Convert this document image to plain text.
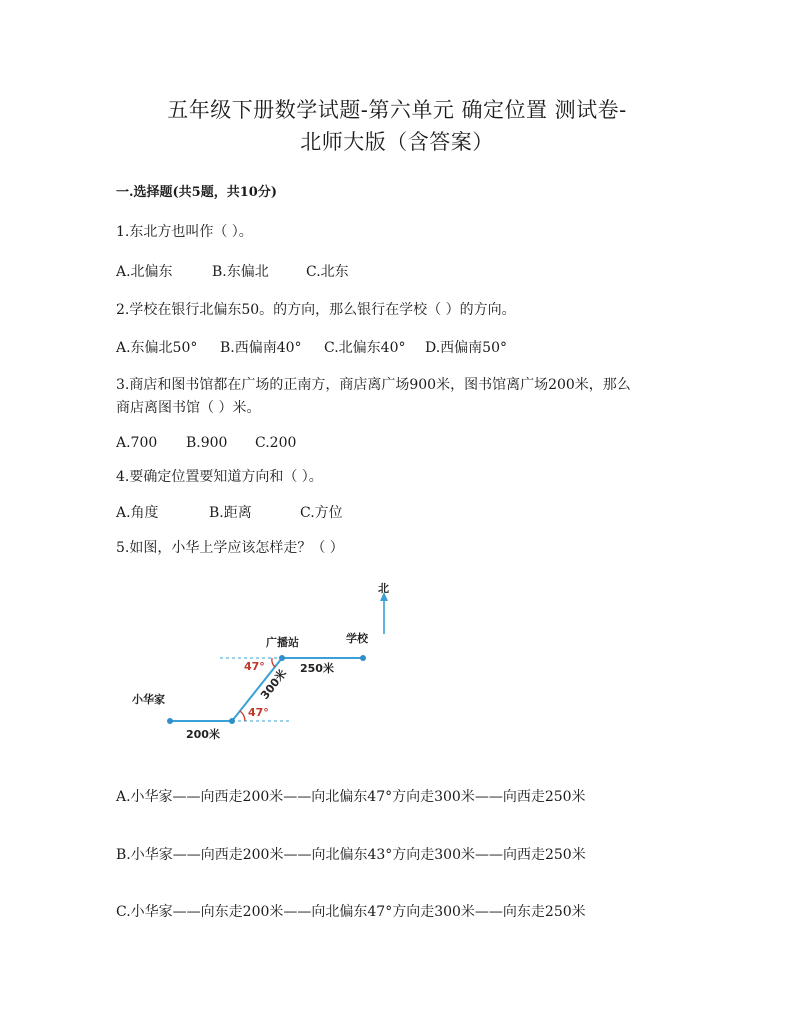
五年级下册数学试题-第六单元 确定位置 测试卷-
北师大版（含答案）
一.选择题(共5题，共10分)
1.东北方也叫作（ ）。
A.北偏东	B.东偏北	C.北东
2.学校在银行北偏东50。的方向，那么银行在学校（ ）的方向。
A.东偏北50° B.西偏南40° C.北偏东40° D.西偏南50°
3.商店和图书馆都在广场的正南方，商店离广场900米，图书馆离广场200米，那么
商店离图书馆（ ）米。
A.700 B.900 C.200
4.要确定位置要知道方向和（ ）。
A.角度	B.距离	C.方位
5.如图，小华上学应该怎样走？（ ）
北
小华家
广播站	学校
200米
250米
300米
47°
47°
A.小华家——向西走200米——向北偏东47°方向走300米——向西走250米
B.小华家——向西走200米——向北偏东43°方向走300米——向西走250米
C.小华家——向东走200米——向北偏东47°方向走300米——向东走250米
